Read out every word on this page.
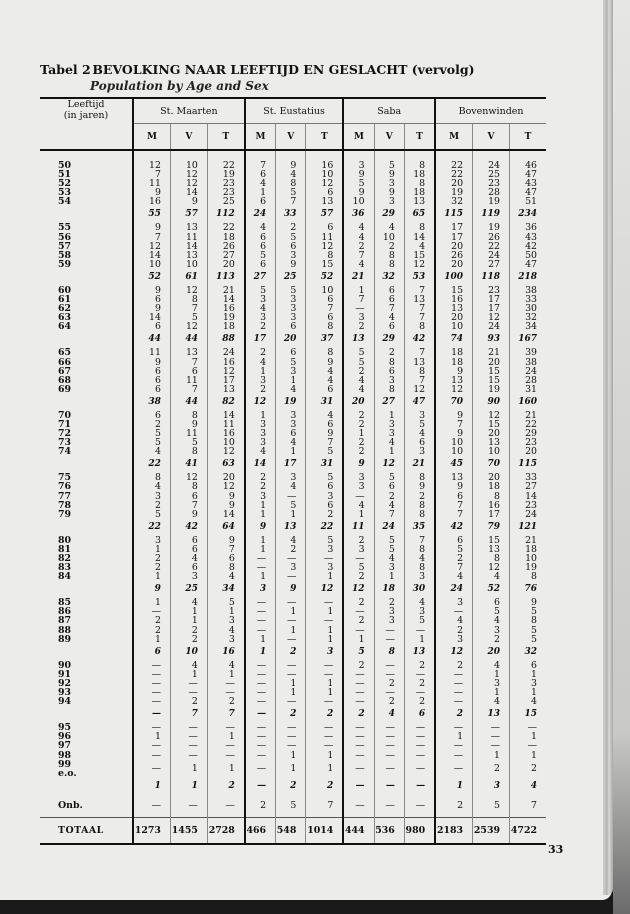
Tabel 2 BEVOLKING NAAR LEEFTIJD EN GESLACHT (vervolg)
Population by Age and Sex
Leeftijd
(in jaren)	St. Maarten			St. Eustatius			Saba			Bovenwinden		
	M	V	T	M	V	T	M	V	T	M	V	T
50	12	10	22	7	9	16	3	5	8	22	24	46
51	7	12	19	6	4	10	9	9	18	22	25	47
52	11	12	23	4	8	12	5	3	8	20	23	43
53	9	14	23	1	5	6	9	9	18	19	28	47
54	16	9	25	6	7	13	10	3	13	32	19	51
	55	57	112	24	33	57	36	29	65	115	119	234
55	9	13	22	4	2	6	4	4	8	17	19	36
56	7	11	18	6	5	11	4	10	14	17	26	43
57	12	14	26	6	6	12	2	2	4	20	22	42
58	14	13	27	5	3	8	7	8	15	26	24	50
59	10	10	20	6	9	15	4	8	12	20	27	47
	52	61	113	27	25	52	21	32	53	100	118	218
60	9	12	21	5	5	10	1	6	7	15	23	38
61	6	8	14	3	3	6	7	6	13	16	17	33
62	9	7	16	4	3	7	—	7	7	13	17	30
63	14	5	19	3	3	6	3	4	7	20	12	32
64	6	12	18	2	6	8	2	6	8	10	24	34
	44	44	88	17	20	37	13	29	42	74	93	167
65	11	13	24	2	6	8	5	2	7	18	21	39
66	9	7	16	4	5	9	5	8	13	18	20	38
67	6	6	12	1	3	4	2	6	8	9	15	24
68	6	11	17	3	1	4	4	3	7	13	15	28
69	6	7	13	2	4	6	4	8	12	12	19	31
	38	44	82	12	19	31	20	27	47	70	90	160
70	6	8	14	1	3	4	2	1	3	9	12	21
71	2	9	11	3	3	6	2	3	5	7	15	22
72	5	11	16	3	6	9	1	3	4	9	20	29
73	5	5	10	3	4	7	2	4	6	10	13	23
74	4	8	12	4	1	5	2	1	3	10	10	20
	22	41	63	14	17	31	9	12	21	45	70	115
75	8	12	20	2	3	5	3	5	8	13	20	33
76	4	8	12	2	4	6	3	6	9	9	18	27
77	3	6	9	3	—	3	—	2	2	6	8	14
78	2	7	9	1	5	6	4	4	8	7	16	23
79	5	9	14	1	1	2	1	7	8	7	17	24
	22	42	64	9	13	22	11	24	35	42	79	121
80	3	6	9	1	4	5	2	5	7	6	15	21
81	1	6	7	1	2	3	3	5	8	5	13	18
82	2	4	6	—	—	—	—	4	4	2	8	10
83	2	6	8	—	3	3	5	3	8	7	12	19
84	1	3	4	1	—	1	2	1	3	4	4	8
	9	25	34	3	9	12	12	18	30	24	52	76
85	1	4	5	—	—	—	2	2	4	3	6	9
86	—	1	1	—	1	1	—	3	3	—	5	5
87	2	1	3	—	—	—	2	3	5	4	4	8
88	2	2	4	—	1	1	—	—	—	2	3	5
89	1	2	3	1	—	1	1	—	1	3	2	5
	6	10	16	1	2	3	5	8	13	12	20	32
90	—	4	4	—	—	—	2	—	2	2	4	6
91	—	1	1	—	—	—	—	—	—	—	1	1
92	—	—	—	—	1	1	—	2	2	—	3	3
93	—	—	—	—	1	1	—	—	—	—	1	1
94	—	2	2	—	—	—	—	2	2	—	4	4
	—	7	7	—	2	2	2	4	6	2	13	15
95	—	—	—	—	—	—	—	—	—	—	—	—
96	1	—	1	—	—	—	—	—	—	1	—	1
97	—	—	—	—	—	—	—	—	—	—	—	—
98	—	—	—	—	1	1	—	—	—	—	1	1
99 e.o.	—	1	1	—	1	1	—	—	—	—	2	2
	1	1	2	—	2	2	—	—	—	1	3	4
Onb.	—	—	—	2	5	7	—	—	—	2	5	7
TOTAAL	1273	1455	2728	466	548	1014	444	536	980	2183	2539	4722
33
